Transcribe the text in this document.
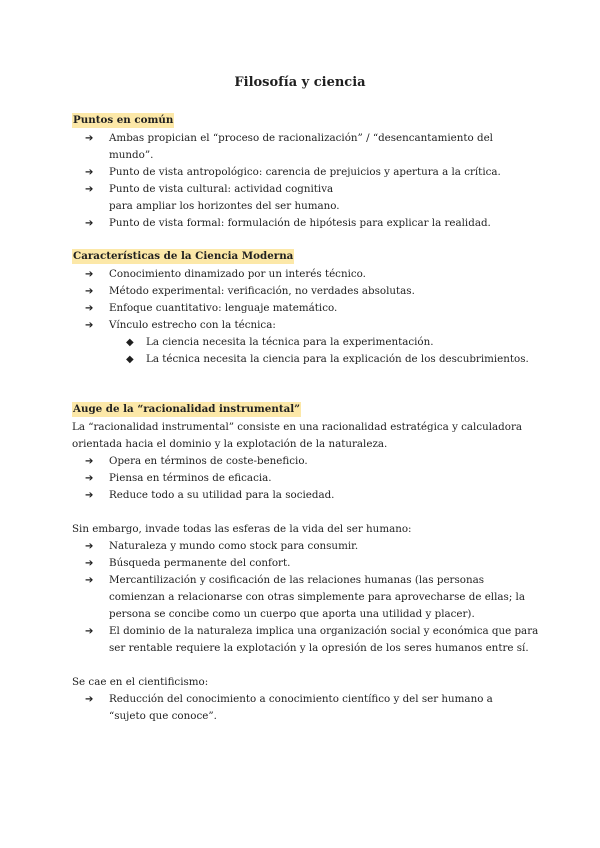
Filosofía y ciencia
Puntos en común
➔ Ambas propician el “proceso de racionalización” / “desencantamiento del mundo”.
➔ Punto de vista antropológico: carencia de prejuicios y apertura a la crítica.
➔ Punto de vista cultural: actividad cognitiva para ampliar los horizontes del ser humano.
➔ Punto de vista formal: formulación de hipótesis para explicar la realidad.
Características de la Ciencia Moderna
➔ Conocimiento dinamizado por un interés técnico.
➔ Método experimental: verificación, no verdades absolutas.
➔ Enfoque cuantitativo: lenguaje matemático.
➔ Vínculo estrecho con la técnica:
◆ La ciencia necesita la técnica para la experimentación.
◆ La técnica necesita la ciencia para la explicación de los descubrimientos.
Auge de la “racionalidad instrumental”

La “racionalidad instrumental” consiste en una racionalidad estratégica y calculadora orientada hacia el dominio y la explotación de la naturaleza.

➔ Opera en términos de coste-beneficio.
➔ Piensa en términos de eficacia.
➔ Reduce todo a su utilidad para la sociedad.

Sin embargo, invade todas las esferas de la vida del ser humano:

➔ Naturaleza y mundo como stock para consumir.
➔ Búsqueda permanente del confort.
➔ Mercantilización y cosificación de las relaciones humanas (las personas comienzan a relacionarse con otras simplemente para aprovecharse de ellas; la persona se concibe como un cuerpo que aporta una utilidad y placer).
➔ El dominio de la naturaleza implica una organización social y económica que para ser rentable requiere la explotación y la opresión de los seres humanos entre sí.

Se cae en el cientificismo:

➔ Reducción del conocimiento a conocimiento científico y del ser humano a “sujeto que conoce”.
